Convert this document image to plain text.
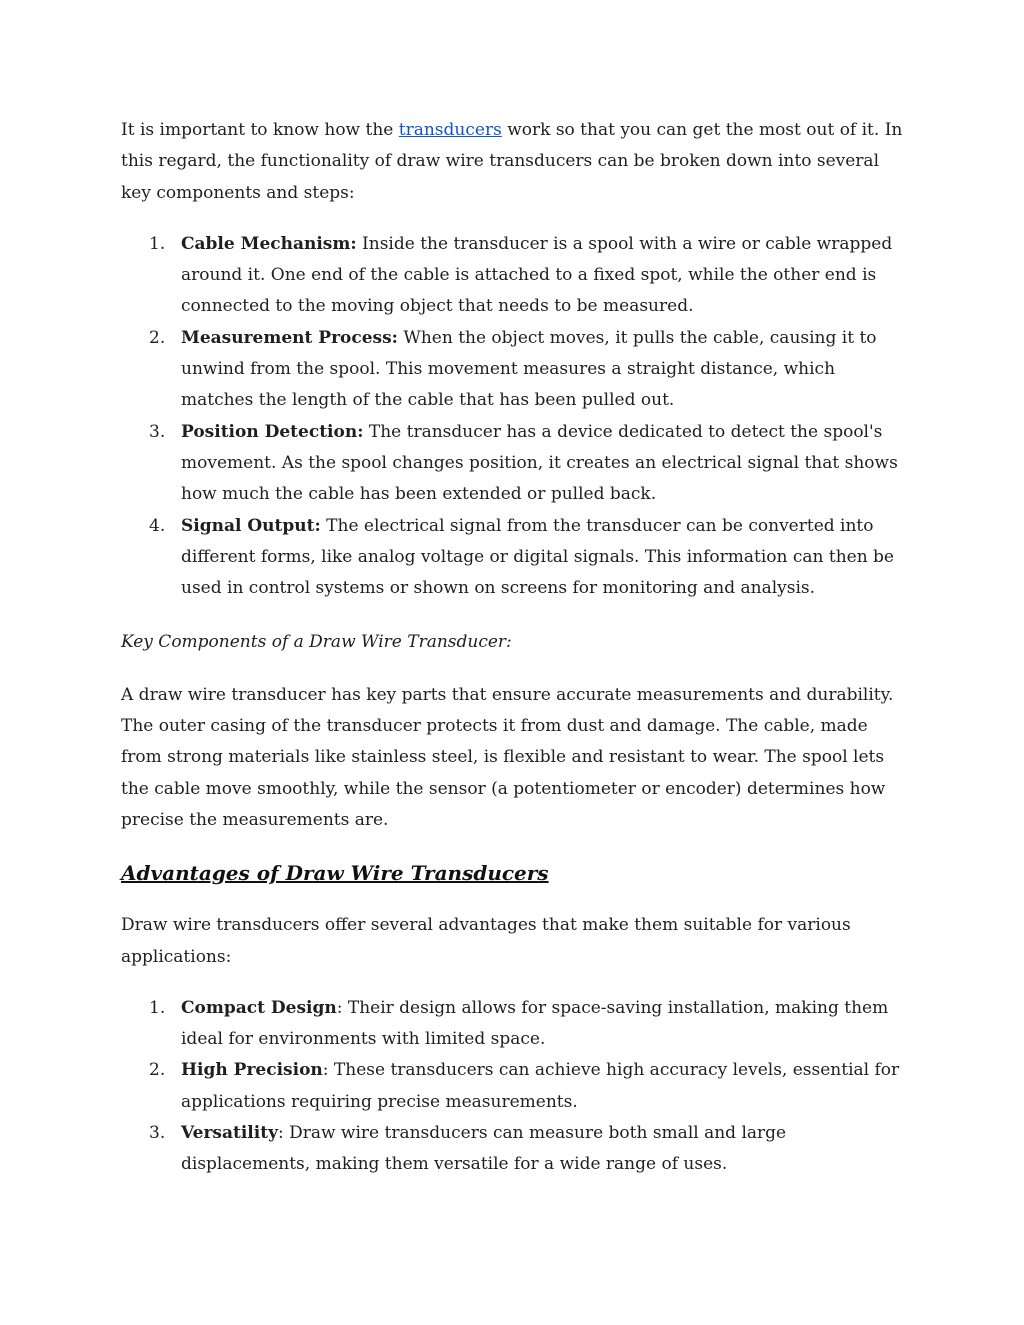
It is important to know how the transducers work so that you can get the most out of it. In this regard, the functionality of draw wire transducers can be broken down into several key components and steps:

1. Cable Mechanism: Inside the transducer is a spool with a wire or cable wrapped around it. One end of the cable is attached to a fixed spot, while the other end is connected to the moving object that needs to be measured.
2. Measurement Process: When the object moves, it pulls the cable, causing it to unwind from the spool. This movement measures a straight distance, which matches the length of the cable that has been pulled out.
3. Position Detection: The transducer has a device dedicated to detect the spool's movement. As the spool changes position, it creates an electrical signal that shows how much the cable has been extended or pulled back.
4. Signal Output: The electrical signal from the transducer can be converted into different forms, like analog voltage or digital signals. This information can then be used in control systems or shown on screens for monitoring and analysis.

Key Components of a Draw Wire Transducer:

A draw wire transducer has key parts that ensure accurate measurements and durability. The outer casing of the transducer protects it from dust and damage. The cable, made from strong materials like stainless steel, is flexible and resistant to wear. The spool lets the cable move smoothly, while the sensor (a potentiometer or encoder) determines how precise the measurements are.

Advantages of Draw Wire Transducers

Draw wire transducers offer several advantages that make them suitable for various applications:

1. Compact Design: Their design allows for space-saving installation, making them ideal for environments with limited space.
2. High Precision: These transducers can achieve high accuracy levels, essential for applications requiring precise measurements.
3. Versatility: Draw wire transducers can measure both small and large displacements, making them versatile for a wide range of uses.
